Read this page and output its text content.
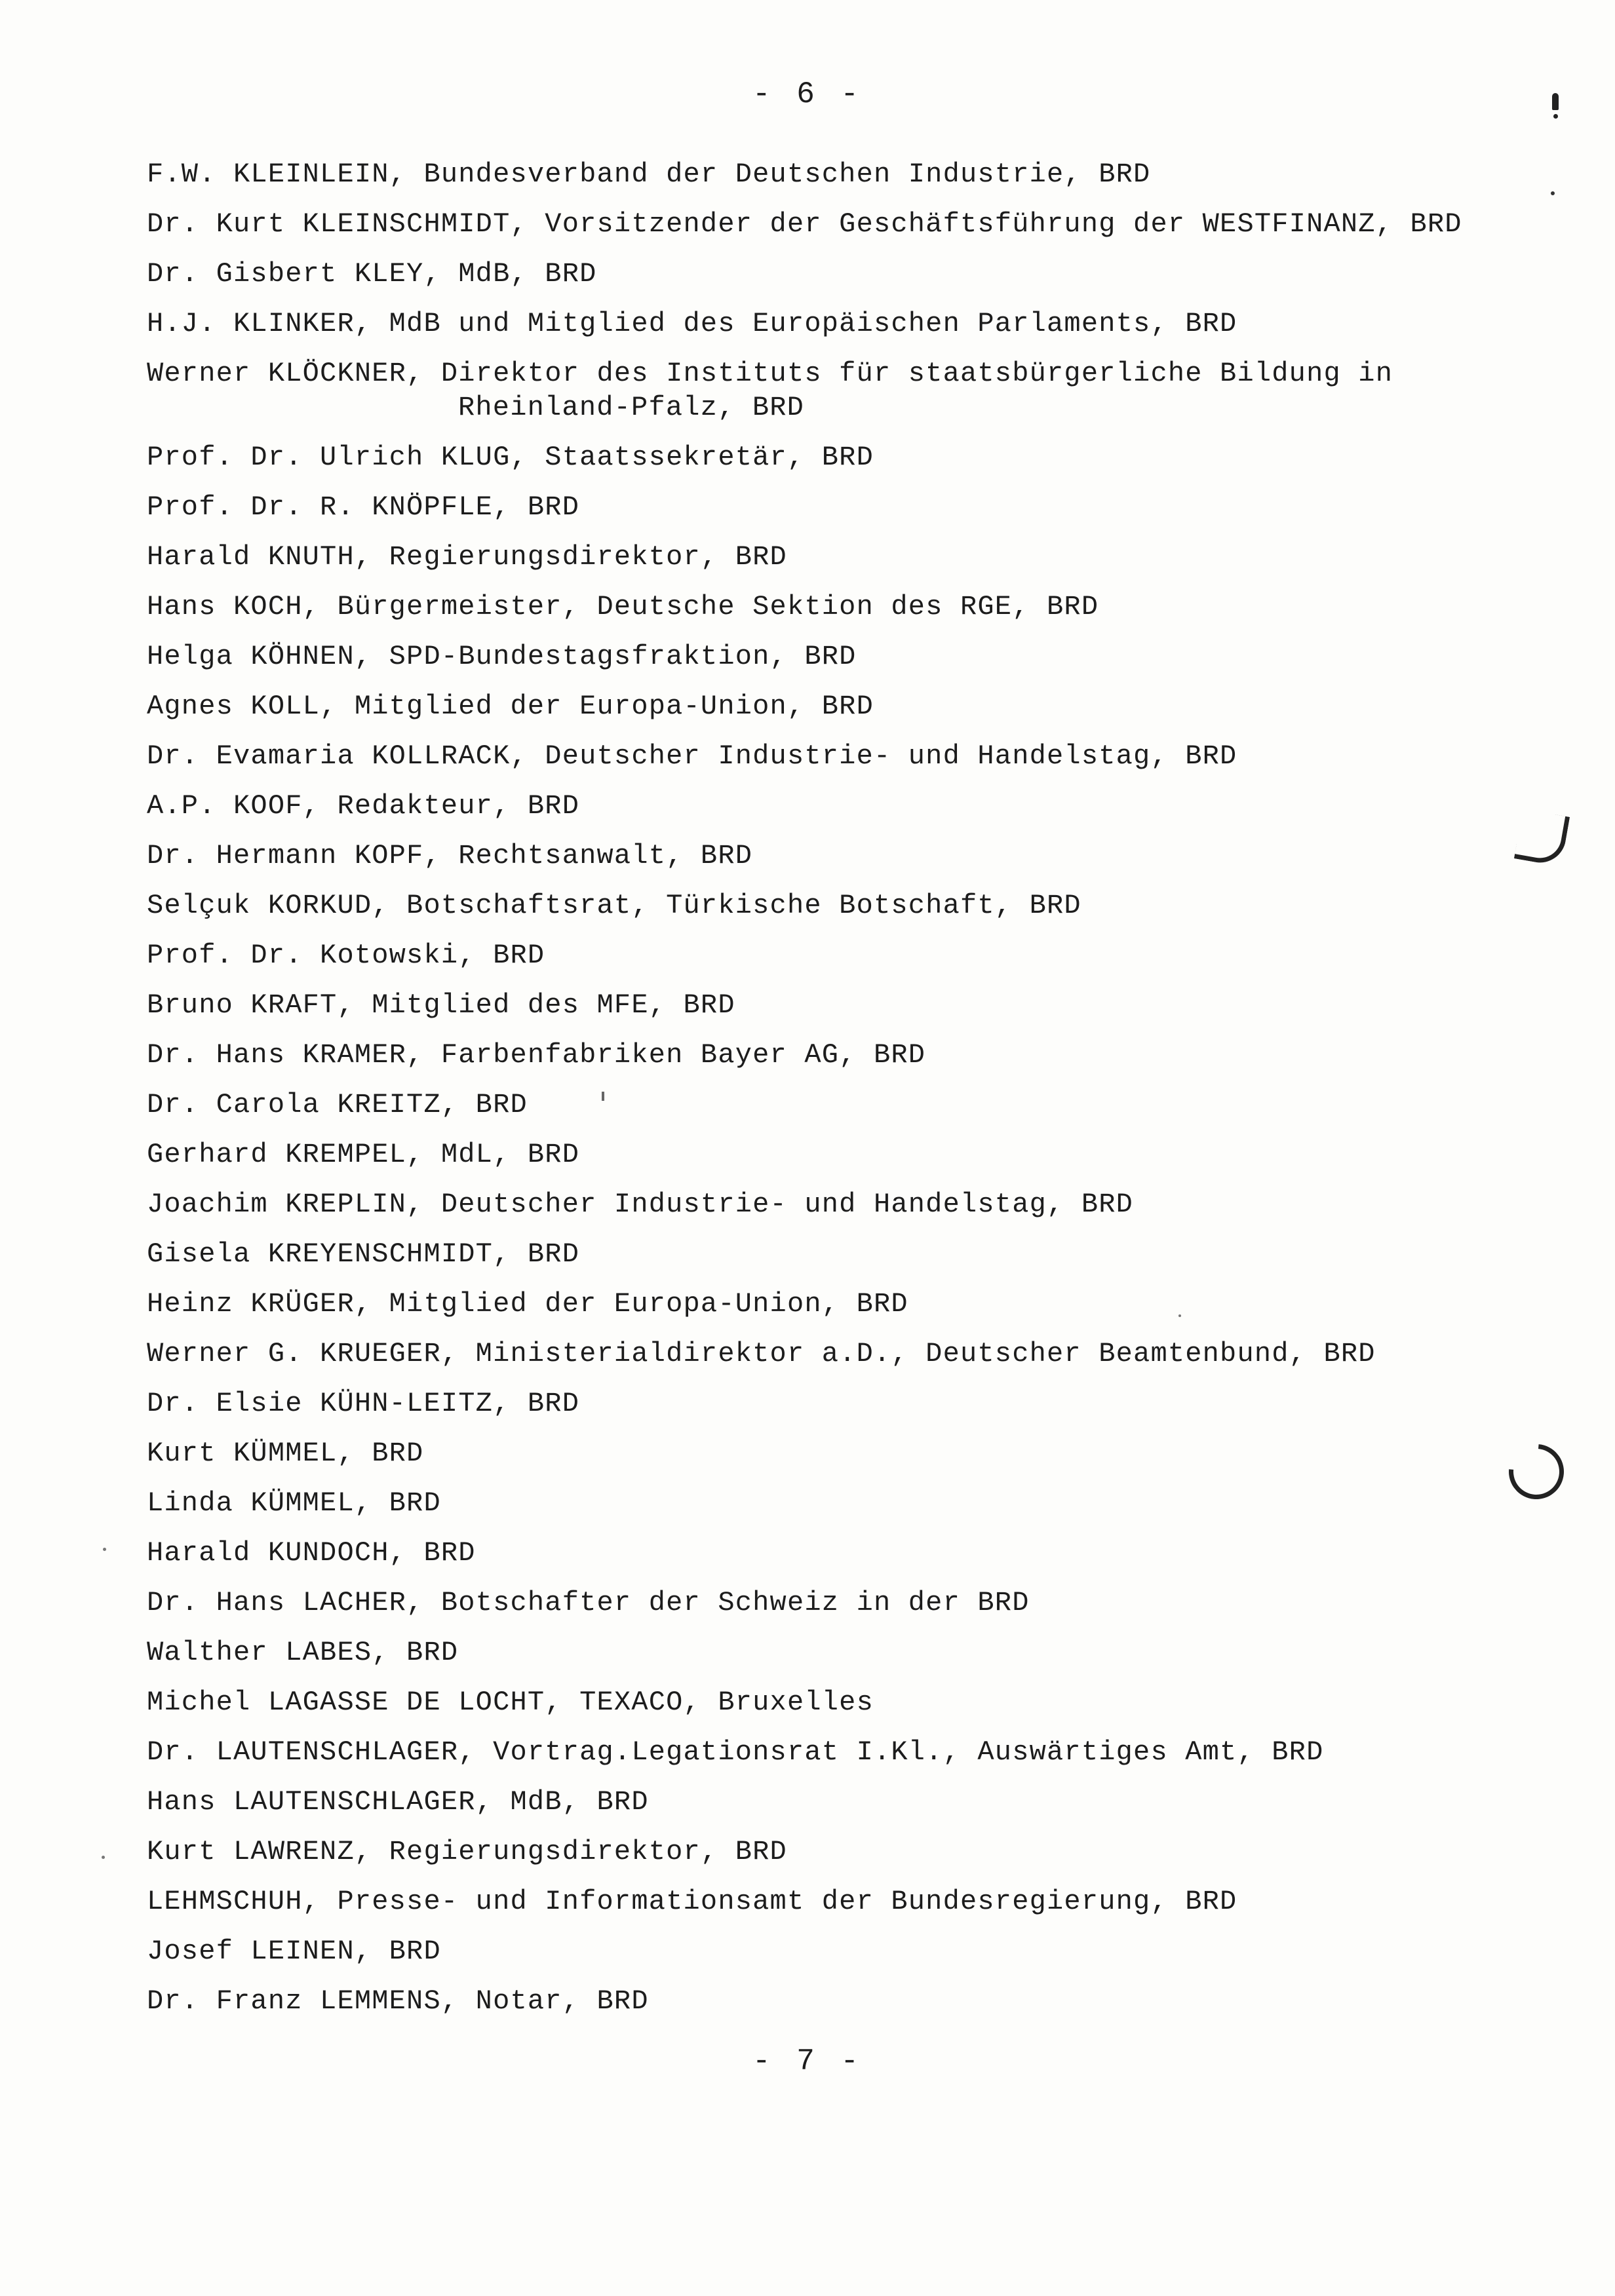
- 6 -
F.W. KLEINLEIN, Bundesverband der Deutschen Industrie, BRD
Dr. Kurt KLEINSCHMIDT, Vorsitzender der Geschäftsführung der WESTFINANZ, BRD
Dr. Gisbert KLEY, MdB, BRD
H.J. KLINKER, MdB und Mitglied des Europäischen Parlaments, BRD
Werner KLÖCKNER, Direktor des Instituts für staatsbürgerliche Bildung in
Rheinland-Pfalz, BRD
Prof. Dr. Ulrich KLUG, Staatssekretär, BRD
Prof. Dr. R. KNÖPFLE, BRD
Harald KNUTH, Regierungsdirektor, BRD
Hans KOCH, Bürgermeister, Deutsche Sektion des RGE, BRD
Helga KÖHNEN, SPD-Bundestagsfraktion, BRD
Agnes KOLL, Mitglied der Europa-Union, BRD
Dr. Evamaria KOLLRACK, Deutscher Industrie- und Handelstag, BRD
A.P. KOOF, Redakteur, BRD
Dr. Hermann KOPF, Rechtsanwalt, BRD
Selçuk KORKUD, Botschaftsrat, Türkische Botschaft, BRD
Prof. Dr. Kotowski, BRD
Bruno KRAFT, Mitglied des MFE, BRD
Dr. Hans KRAMER, Farbenfabriken Bayer AG, BRD
Dr. Carola KREITZ, BRD
Gerhard KREMPEL, MdL, BRD
Joachim KREPLIN, Deutscher Industrie- und Handelstag, BRD
Gisela KREYENSCHMIDT, BRD
Heinz KRÜGER, Mitglied der Europa-Union, BRD
Werner G. KRUEGER, Ministerialdirektor a.D., Deutscher Beamtenbund, BRD
Dr. Elsie KÜHN-LEITZ, BRD
Kurt KÜMMEL, BRD
Linda KÜMMEL, BRD
Harald KUNDOCH, BRD
Dr. Hans LACHER, Botschafter der Schweiz in der BRD
Walther LABES, BRD
Michel LAGASSE DE LOCHT, TEXACO, Bruxelles
Dr. LAUTENSCHLAGER, Vortrag.Legationsrat I.Kl., Auswärtiges Amt, BRD
Hans LAUTENSCHLAGER, MdB, BRD
Kurt LAWRENZ, Regierungsdirektor, BRD
LEHMSCHUH, Presse- und Informationsamt der Bundesregierung, BRD
Josef LEINEN, BRD
Dr. Franz LEMMENS, Notar, BRD
- 7 -
